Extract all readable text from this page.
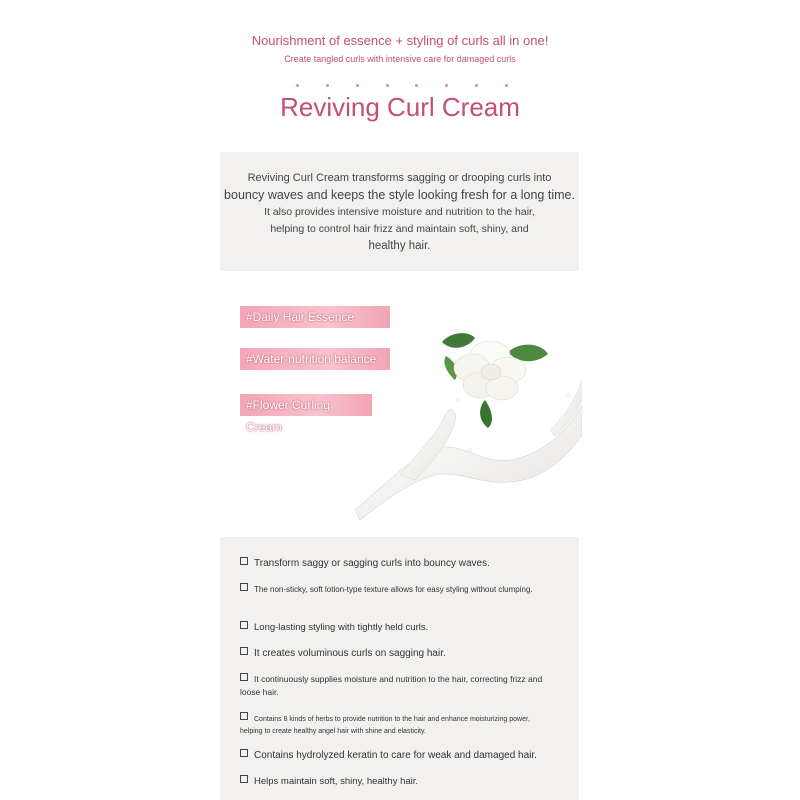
Nourishment of essence + styling of curls all in one!
Create tangled curls with intensive care for damaged curls
Reviving Curl Cream

Reviving Curl Cream transforms sagging or drooping curls into

bouncy waves and keeps the style looking fresh for a long time.

It also provides intensive moisture and nutrition to the hair,

helping to control hair frizz and maintain soft, shiny, and

healthy hair.

#Daily Hair Essence
#Water-nutrition balance
#Flower Curling Cream
Transform saggy or sagging curls into bouncy waves.
The non-sticky, soft lotion-type texture allows for easy styling without clumping.
Long-lasting styling with tightly held curls.
It creates voluminous curls on sagging hair.
It continuously supplies moisture and nutrition to the hair, correcting frizz and loose hair.
Contains 8 kinds of herbs to provide nutrition to the hair and enhance moisturizing power, helping to create healthy angel hair with shine and elasticity.
Contains hydrolyzed keratin to care for weak and damaged hair.
Helps maintain soft, shiny, healthy hair.
